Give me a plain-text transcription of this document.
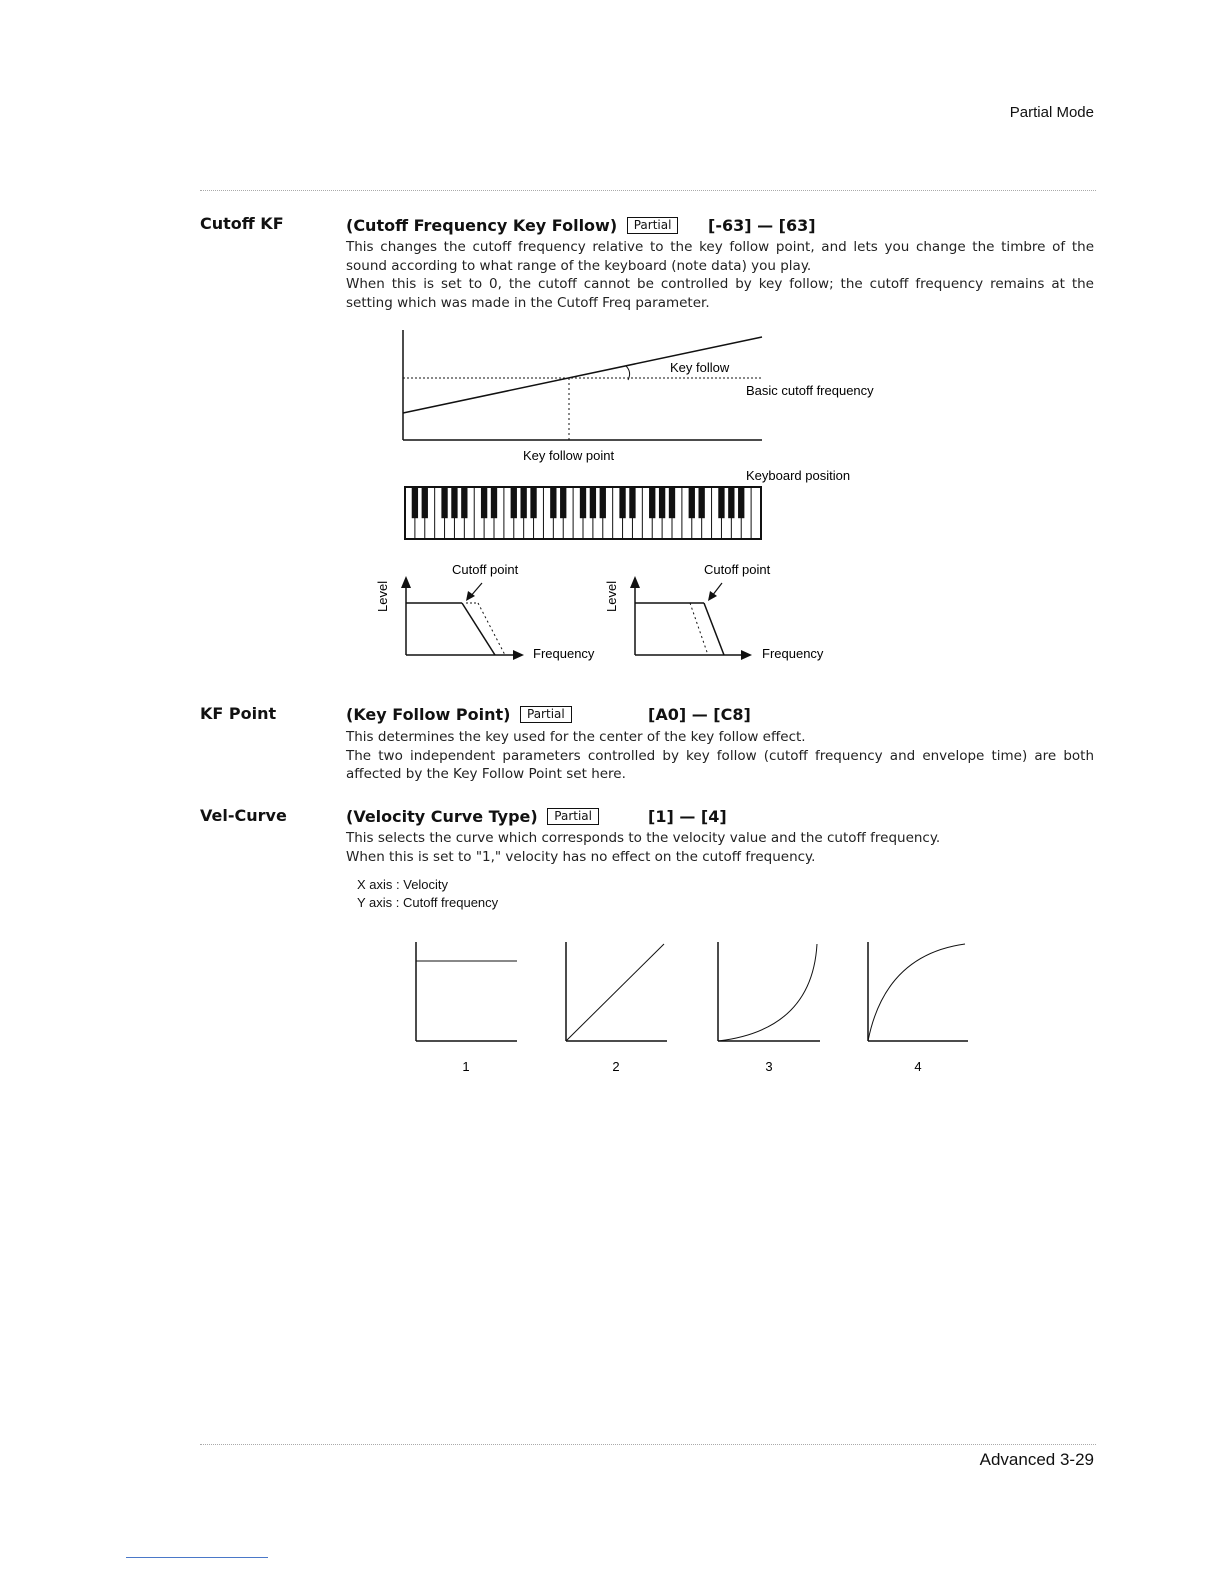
Partial Mode
Cutoff KF	(Cutoff Frequency Key Follow) Partial	[-63] — [63]

This changes the cutoff frequency relative to the key follow point, and lets you change the timbre of the sound according to what range of the keyboard (note data) you play.

When this is set to 0, the cutoff cannot be controlled by key follow; the cutoff frequency remains at the setting which was made in the Cutoff Freq parameter.

Key follow
Basic cutoff frequency
Key follow point
Keyboard position
Cutoff point
Level
Frequency
Cutoff point
Level
Frequency
KF Point	(Key Follow Point) Partial	[A0] — [C8]

This determines the key used for the center of the key follow effect.

The two independent parameters controlled by key follow (cutoff frequency and envelope time) are both affected by the Key Follow Point set here.

Vel-Curve	(Velocity Curve Type) Partial	[1] — [4]

This selects the curve which corresponds to the velocity value and the cutoff frequency.

When this is set to "1," velocity has no effect on the cutoff frequency.

X axis : Velocity
Y axis : Cutoff frequency
1	2	3	4
Advanced 3-29
